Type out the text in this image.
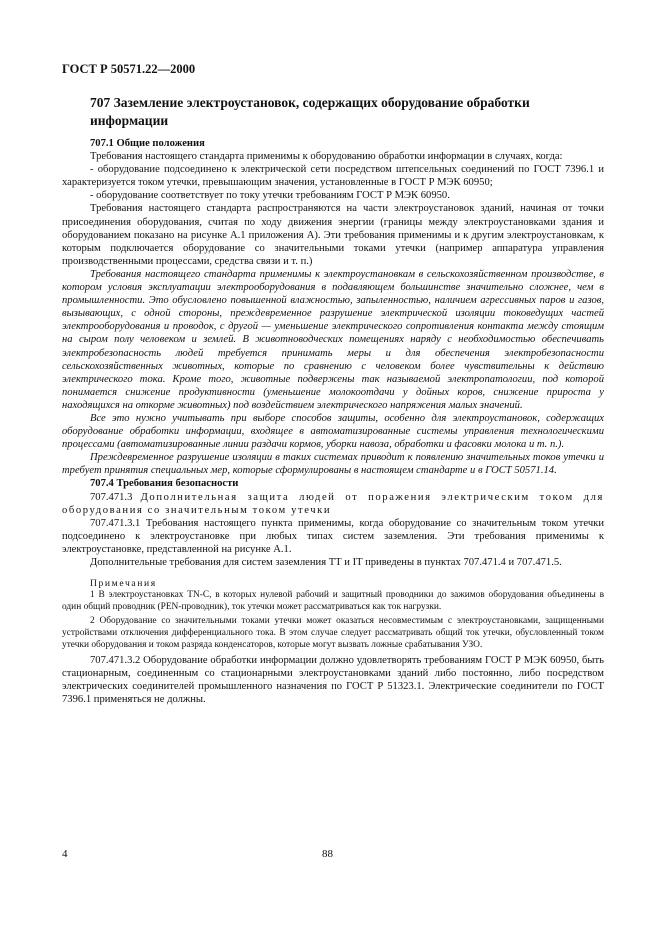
ГОСТ Р 50571.22—2000
707 Заземление электроустановок, содержащих оборудование обработки информации

707.1 Общие положения

Требования настоящего стандарта применимы к оборудованию обработки информации в случаях, когда:

- оборудование подсоединено к электрической сети посредством штепсельных соединений по ГОСТ 7396.1 и характеризуется током утечки, превышающим значения, установленные в ГОСТ Р МЭК 60950;

- оборудование соответствует по току утечки требованиям ГОСТ Р МЭК 60950.

Требования настоящего стандарта распространяются на части электроустановок зданий, начиная от точки присоединения оборудования, считая по ходу движения энергии (границы между электроустановками здания и оборудованием показано на рисунке А.1 приложения А). Эти требования применимы и к другим электроустановкам, к которым подключается оборудование со значительными токами утечки (например аппаратура управления производственными процессами, средства связи и т. п.)

Требования настоящего стандарта применимы к электроустановкам в сельскохозяйственном производстве, в котором условия эксплуатации электрооборудования в подавляющем большинстве значительно сложнее, чем в промышленности. Это обусловлено повышенной влажностью, запыленностью, наличием агрессивных паров и газов, вызывающих, с одной стороны, преждевременное разрушение электрической изоляции токоведущих частей электрооборудования и проводок, с другой — уменьшение электрического сопротивления контакта между стоящим на сыром полу человеком и землей. В животноводческих помещениях наряду с необходимостью обеспечивать электробезопасность людей требуется принимать меры и для обеспечения электробезопасности сельскохозяйственных животных, которые по сравнению с человеком более чувствительны к действию электрического тока. Кроме того, животные подвержены так называемой электропатологии, под которой понимается снижение продуктивности (уменьшение молокоотдачи у дойных коров, снижение прироста у находящихся на откорме животных) под воздействием электрического напряжения малых значений.

Все это нужно учитывать при выборе способов защиты, особенно для электроустановок, содержащих оборудование обработки информации, входящее в автоматизированные системы управления технологическими процессами (автоматизированные линии раздачи кормов, уборки навоза, обработки и фасовки молока и т. п.).

Преждевременное разрушение изоляции в таких системах приводит к появлению значительных токов утечки и требует принятия специальных мер, которые сформулированы в настоящем стандарте и в ГОСТ 50571.14.

707.4 Требования безопасности

707.471.3 Дополнительная защита людей от поражения электрическим током для оборудования со значительным током утечки

707.471.3.1 Требования настоящего пункта применимы, когда оборудование со значительным током утечки подсоединено к электроустановке при любых типах систем заземления. Эти требования применимы к электроустановке, представленной на рисунке А.1.

Дополнительные требования для систем заземления ТТ и IT приведены в пунктах 707.471.4 и 707.471.5.

Примечания

1 В электроустановках TN-C, в которых нулевой рабочий и защитный проводники до зажимов оборудования объединены в один общий проводник (PEN-проводник), ток утечки может рассматриваться как ток нагрузки.

2 Оборудование со значительными токами утечки может оказаться несовместимым с электроустановками, защищенными устройствами отключения дифференциального тока. В этом случае следует рассматривать общий ток утечки, обусловленный током утечки оборудования и током разряда конденсаторов, которые могут вызвать ложные срабатывания УЗО.

707.471.3.2 Оборудование обработки информации должно удовлетворять требованиям ГОСТ Р МЭК 60950, быть стационарным, соединенным со стационарными электроустановками зданий либо постоянно, либо посредством электрических соединителей промышленного назначения по ГОСТ Р 51323.1. Электрические соединители по ГОСТ 7396.1 применяться не должны.

4	88
